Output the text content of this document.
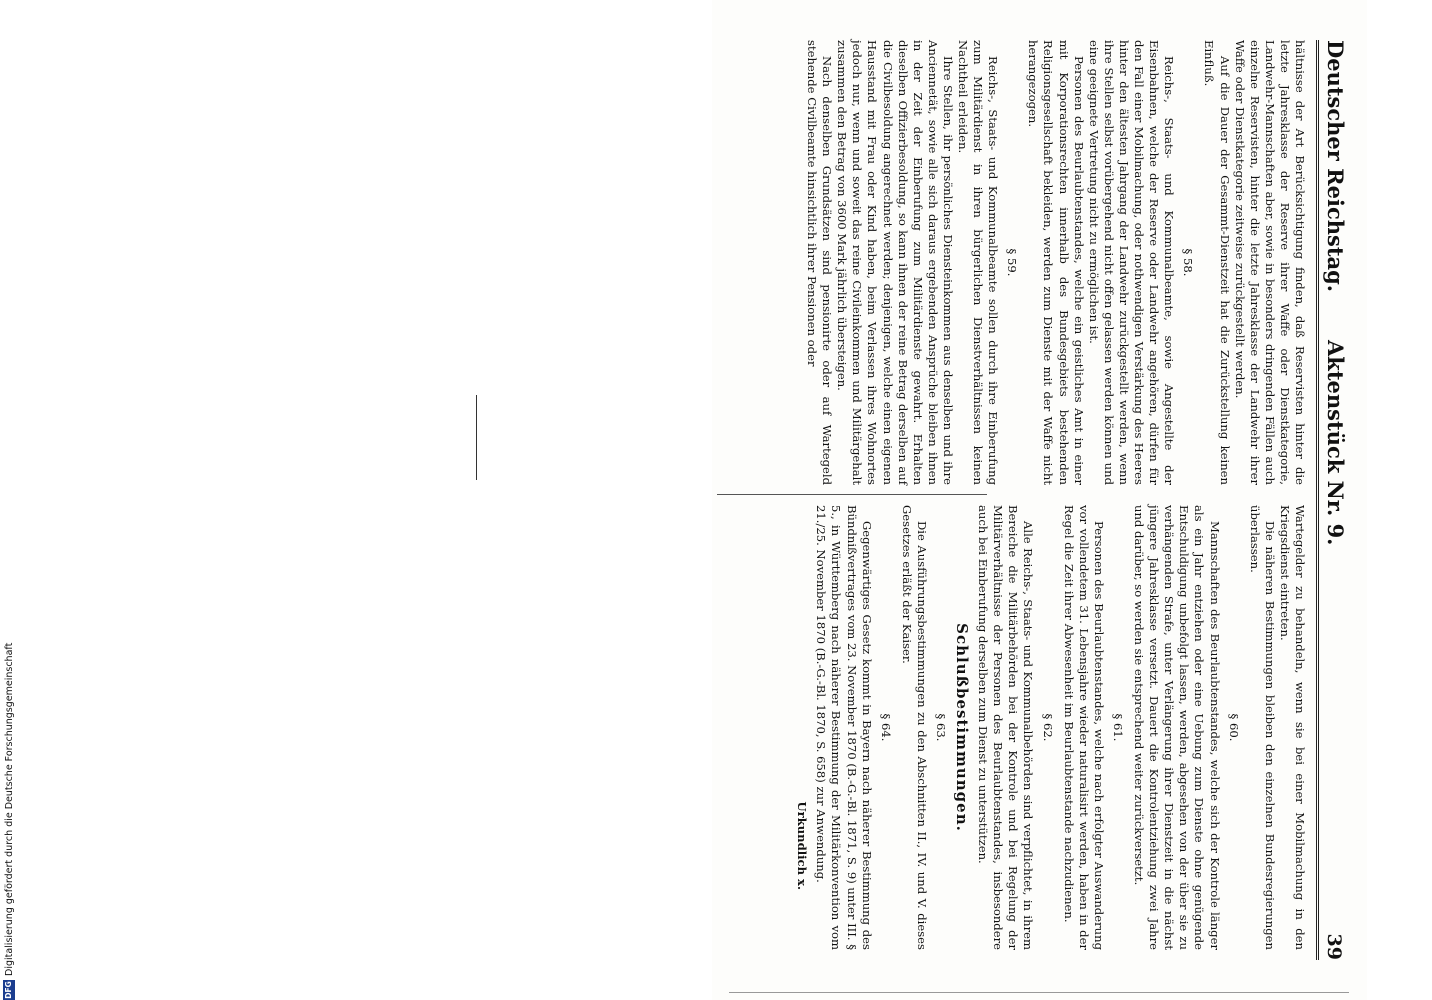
Deutscher Reichstag.
Aktenstück Nr. 9.
39

hältnisse der Art Berücksichtigung finden, daß Reservisten hinter die letzte Jahresklasse der Reserve ihrer Waffe oder Dienstkategorie, Landwehr-Mannschaften aber, sowie in besonders dringenden Fällen auch einzelne Reservisten, hinter die letzte Jahresklasse der Landwehr ihrer Waffe oder Dienstkategorie zeitweise zurückgestellt werden.

Auf die Dauer der Gesammt-Dienstzeit hat die Zurückstellung keinen Einfluß.

§ 58.

Reichs-, Staats- und Kommunalbeamte, sowie Angestellte der Eisenbahnen, welche der Reserve oder Landwehr angehören, dürfen für den Fall einer Mobilmachung, oder nothwendigen Verstärkung des Heeres hinter den ältesten Jahrgang der Landwehr zurückgestellt werden, wenn ihre Stellen selbst vorübergehend nicht offen gelassen werden können und eine geeignete Vertretung nicht zu ermöglichen ist.

Personen des Beurlaubtenstandes, welche ein geistliches Amt in einer mit Korporationsrechten innerhalb des Bundesgebiets bestehenden Religionsgesellschaft bekleiden, werden zum Dienste mit der Waffe nicht herangezogen.

§ 59.

Reichs-, Staats- und Kommunalbeamte sollen durch ihre Einberufung zum Militärdienst in ihren bürgerlichen Dienstverhältnissen keinen Nachtheil erleiden.

Ihre Stellen, ihr persönliches Diensteinkommen aus denselben und ihre Anciennetät, sowie alle sich daraus ergebenden Ansprüche bleiben ihnen in der Zeit der Einberufung zum Militärdienste gewahrt. Erhalten dieselben Offizierbesoldung, so kann ihnen der reine Betrag derselben auf die Civilbesoldung angerechnet werden; denjenigen, welche einen eigenen Hausstand mit Frau oder Kind haben, beim Verlassen ihres Wohnortes jedoch nur, wenn und soweit das reine Civileinkommen und Militärgehalt zusammen den Betrag von 3600 Mark jährlich übersteigen.

Nach denselben Grundsätzen sind pensionirte oder auf Wartegeld stehende Civilbeamte hinsichtlich ihrer Pensionen oder

Wartegelder zu behandeln, wenn sie bei einer Mobilmachung in den Kriegsdienst eintreten.

Die näheren Bestimmungen bleiben den einzelnen Bundesregierungen überlassen.

§ 60.

Mannschaften des Beurlaubtenstandes, welche sich der Kontrole länger als ein Jahr entziehen oder eine Uebung zum Dienste ohne genügende Entschuldigung unbefolgt lassen, werden, abgesehen von der über sie zu verhängenden Strafe, unter Verlängerung ihrer Dienstzeit in die nächst jüngere Jahresklasse versetzt. Dauert die Kontrolentziehung zwei Jahre und darüber, so werden sie entsprechend weiter zurückversetzt.

§ 61.

Personen des Beurlaubtenstandes, welche nach erfolgter Auswanderung vor vollendetem 31. Lebensjahre wieder naturalisirt werden, haben in der Regel die Zeit ihrer Abwesenheit im Beurlaubtenstande nachzudienen.

§ 62.

Alle Reichs-, Staats- und Kommunalbehörden sind verpflichtet, in ihrem Bereiche die Militärbehörden bei der Kontrole und bei Regelung der Militärverhältnisse der Personen des Beurlaubtenstandes, insbesondere auch bei Einberufung derselben zum Dienst zu unterstützen.

Schlußbestimmungen.
§ 63.

Die Ausführungsbestimmungen zu den Abschnitten II., IV. und V. dieses Gesetzes erläßt der Kaiser.

§ 64.

Gegenwärtiges Gesetz kommt in Bayern nach näherer Bestimmung des Bündnißvertrages vom 23. November 1870 (B.-G.-Bl. 1871, S. 9) unter III. § 5., in Württemberg nach näherer Bestimmung der Militärkonvention vom 21./25. November 1870 (B.-G.-Bl. 1870, S. 658) zur Anwendung.

Urkundlich x.
DFG
Digitalisierung gefördert durch die Deutsche Forschungsgemeinschaft
